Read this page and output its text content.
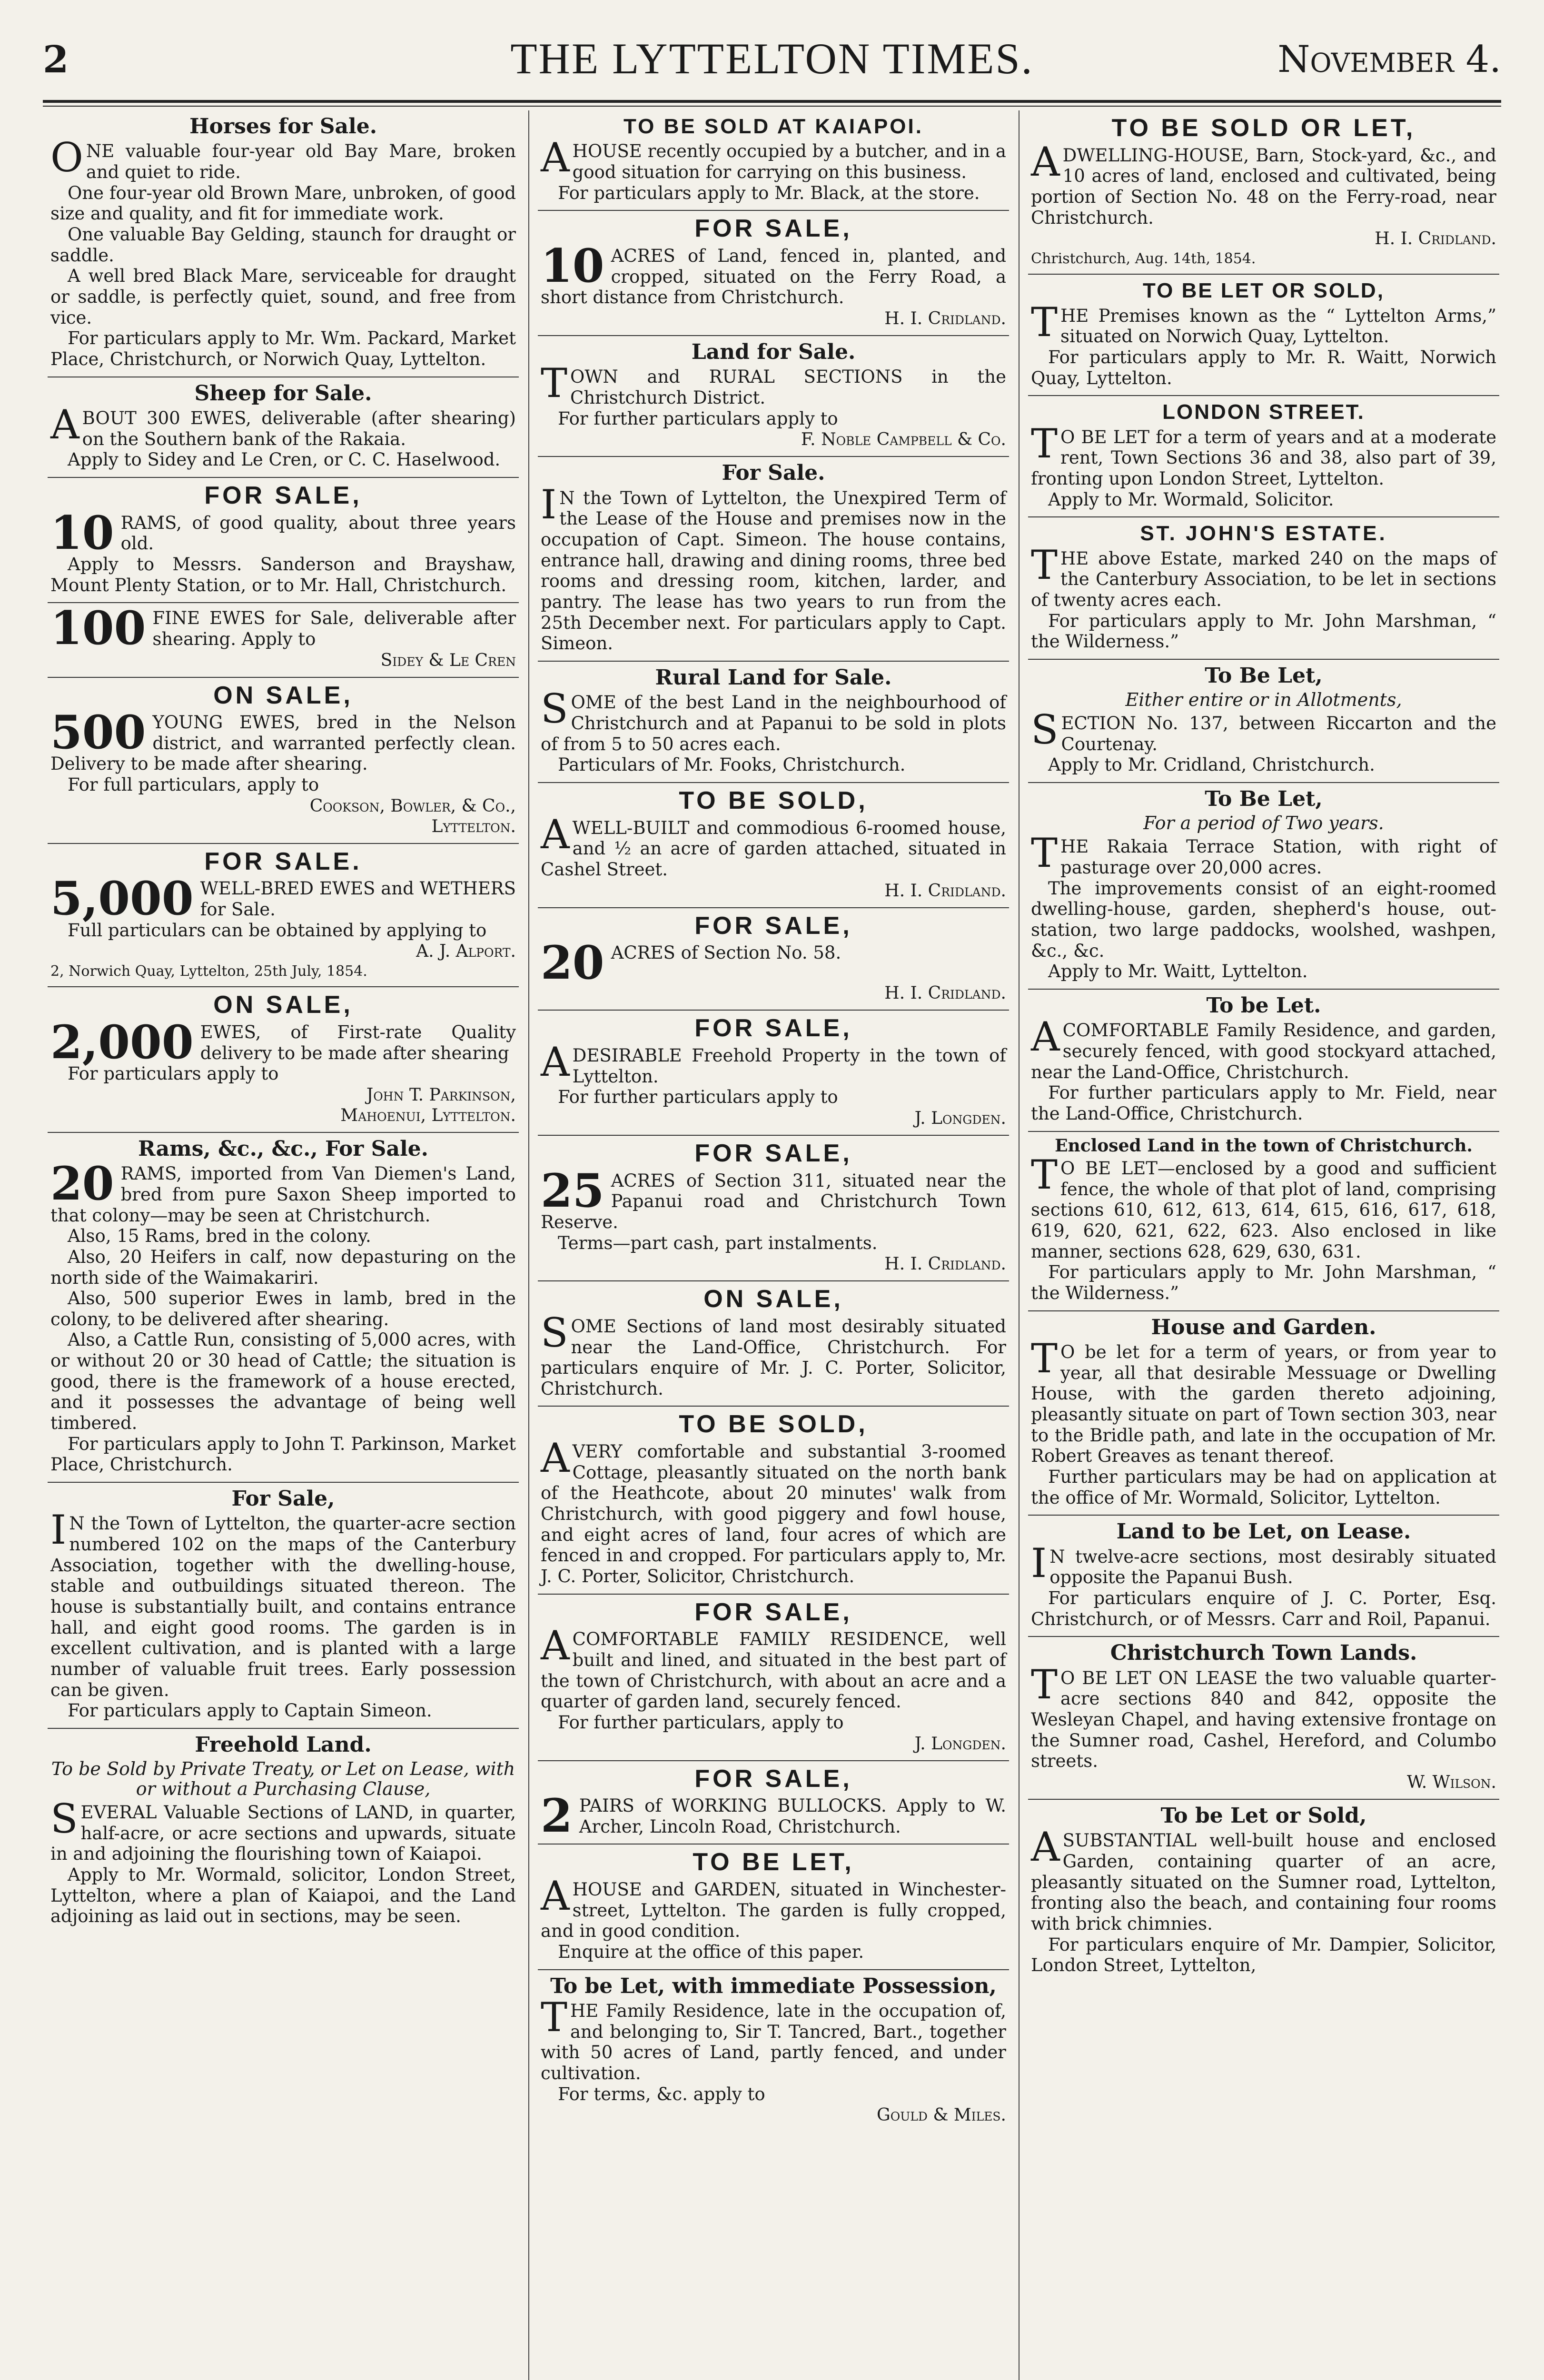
2	THE LYTTELTON TIMES.	November 4.
Horses for Sale.

ONE valuable four-year old Bay Mare, broken and quiet to ride.

One four-year old Brown Mare, unbroken, of good size and quality, and fit for immediate work.

One valuable Bay Gelding, staunch for draught or saddle.

A well bred Black Mare, serviceable for draught or saddle, is perfectly quiet, sound, and free from vice.

For particulars apply to Mr. Wm. Packard, Market Place, Christchurch, or Norwich Quay, Lyttelton.

Sheep for Sale.

ABOUT 300 EWES, deliverable (after shearing) on the Southern bank of the Rakaia.

Apply to Sidey and Le Cren, or C. C. Haselwood.

FOR SALE,

10 RAMS, of good quality, about three years old.

Apply to Messrs. Sanderson and Brayshaw, Mount Plenty Station, or to Mr. Hall, Christchurch.

100 FINE EWES for Sale, deliverable after shearing. Apply to

Sidey & Le Cren
ON SALE,

500 YOUNG EWES, bred in the Nelson district, and warranted perfectly clean. Delivery to be made after shearing.

For full particulars, apply to

Cookson, Bowler, & Co.,
Lyttelton.
FOR SALE.

5,000 WELL-BRED EWES and WETHERS for Sale.

Full particulars can be obtained by applying to

A. J. Alport.
2, Norwich Quay, Lyttelton, 25th July, 1854.
ON SALE,

2,000 EWES, of First-rate Quality delivery to be made after shearing

For particulars apply to

John T. Parkinson,
Mahoenui, Lyttelton.
Rams, &c., &c., For Sale.

20 RAMS, imported from Van Diemen's Land, bred from pure Saxon Sheep imported to that colony—may be seen at Christchurch.

Also, 15 Rams, bred in the colony.

Also, 20 Heifers in calf, now depasturing on the north side of the Waimakariri.

Also, 500 superior Ewes in lamb, bred in the colony, to be delivered after shearing.

Also, a Cattle Run, consisting of 5,000 acres, with or without 20 or 30 head of Cattle; the situation is good, there is the framework of a house erected, and it possesses the advantage of being well timbered.

For particulars apply to John T. Parkinson, Market Place, Christchurch.

For Sale,

I N the Town of Lyttelton, the quarter-acre section numbered 102 on the maps of the Canterbury Association, together with the dwelling-house, stable and outbuildings situated thereon. The house is substantially built, and contains entrance hall, and eight good rooms. The garden is in excellent cultivation, and is planted with a large number of valuable fruit trees. Early possession can be given.

For particulars apply to Captain Simeon.

Freehold Land.
To be Sold by Private Treaty, or Let on Lease, with or without a Purchasing Clause,

SEVERAL Valuable Sections of LAND, in quarter, half-acre, or acre sections and upwards, situate in and adjoining the flourishing town of Kaiapoi.

Apply to Mr. Wormald, solicitor, London Street, Lyttelton, where a plan of Kaiapoi, and the Land adjoining as laid out in sections, may be seen.

TO BE SOLD AT KAIAPOI.

AHOUSE recently occupied by a butcher, and in a good situation for carrying on this business.

For particulars apply to Mr. Black, at the store.

FOR SALE,

10 ACRES of Land, fenced in, planted, and cropped, situated on the Ferry Road, a short distance from Christchurch.

H. I. Cridland.
Land for Sale.

TOWN and RURAL SECTIONS in the Christchurch District.

For further particulars apply to

F. Noble Campbell & Co.
For Sale.

I N the Town of Lyttelton, the Unexpired Term of the Lease of the House and premises now in the occupation of Capt. Simeon. The house contains, entrance hall, drawing and dining rooms, three bed rooms and dressing room, kitchen, larder, and pantry. The lease has two years to run from the 25th December next. For particulars apply to Capt. Simeon.

Rural Land for Sale.

SOME of the best Land in the neighbourhood of Christchurch and at Papanui to be sold in plots of from 5 to 50 acres each.

Particulars of Mr. Fooks, Christchurch.

TO BE SOLD,

AWELL-BUILT and commodious 6-roomed house, and ½ an acre of garden attached, situated in Cashel Street.

H. I. Cridland.
FOR SALE,

20 ACRES of Section No. 58.

H. I. Cridland.
FOR SALE,

ADESIRABLE Freehold Property in the town of Lyttelton.

For further particulars apply to

J. Longden.
FOR SALE,

25 ACRES of Section 311, situated near the Papanui road and Christchurch Town Reserve.

Terms—part cash, part instalments.

H. I. Cridland.
ON SALE,

SOME Sections of land most desirably situated near the Land-Office, Christchurch. For particulars enquire of Mr. J. C. Porter, Solicitor, Christchurch.

TO BE SOLD,

AVERY comfortable and substantial 3-roomed Cottage, pleasantly situated on the north bank of the Heathcote, about 20 minutes' walk from Christchurch, with good piggery and fowl house, and eight acres of land, four acres of which are fenced in and cropped. For particulars apply to, Mr. J. C. Porter, Solicitor, Christchurch.

FOR SALE,

ACOMFORTABLE FAMILY RESIDENCE, well built and lined, and situated in the best part of the town of Christchurch, with about an acre and a quarter of garden land, securely fenced.

For further particulars, apply to

J. Longden.
FOR SALE,

2 PAIRS of WORKING BULLOCKS. Apply to W. Archer, Lincoln Road, Christchurch.

TO BE LET,

AHOUSE and GARDEN, situated in Winchester-street, Lyttelton. The garden is fully cropped, and in good condition.

Enquire at the office of this paper.

To be Let, with immediate Possession,

THE Family Residence, late in the occupation of, and belonging to, Sir T. Tancred, Bart., together with 50 acres of Land, partly fenced, and under cultivation.

For terms, &c. apply to

Gould & Miles.
TO BE SOLD OR LET,

ADWELLING-HOUSE, Barn, Stock-yard, &c., and 10 acres of land, enclosed and cultivated, being portion of Section No. 48 on the Ferry-road, near Christchurch.

H. I. Cridland.
Christchurch, Aug. 14th, 1854.
TO BE LET OR SOLD,

THE Premises known as the “ Lyttelton Arms,” situated on Norwich Quay, Lyttelton.

For particulars apply to Mr. R. Waitt, Norwich Quay, Lyttelton.

LONDON STREET.

T O BE LET for a term of years and at a moderate rent, Town Sections 36 and 38, also part of 39, fronting upon London Street, Lyttelton.

Apply to Mr. Wormald, Solicitor.

ST. JOHN'S ESTATE.

THE above Estate, marked 240 on the maps of the Canterbury Association, to be let in sections of twenty acres each.

For particulars apply to Mr. John Marshman, “ the Wilderness.”

To Be Let,
Either entire or in Allotments,

SECTION No. 137, between Riccarton and the Courtenay.

Apply to Mr. Cridland, Christchurch.

To Be Let,
For a period of Two years.

THE Rakaia Terrace Station, with right of pasturage over 20,000 acres.

The improvements consist of an eight-roomed dwelling-house, garden, shepherd's house, out-station, two large paddocks, woolshed, washpen, &c., &c.

Apply to Mr. Waitt, Lyttelton.

To be Let.

ACOMFORTABLE Family Residence, and garden, securely fenced, with good stockyard attached, near the Land-Office, Christchurch.

For further particulars apply to Mr. Field, near the Land-Office, Christchurch.

Enclosed Land in the town of Christchurch.

T O BE LET—enclosed by a good and sufficient fence, the whole of that plot of land, comprising sections 610, 612, 613, 614, 615, 616, 617, 618, 619, 620, 621, 622, 623. Also enclosed in like manner, sections 628, 629, 630, 631.

For particulars apply to Mr. John Marshman, “ the Wilderness.”

House and Garden.

T O be let for a term of years, or from year to year, all that desirable Messuage or Dwelling House, with the garden thereto adjoining, pleasantly situate on part of Town section 303, near to the Bridle path, and late in the occupation of Mr. Robert Greaves as tenant thereof.

Further particulars may be had on application at the office of Mr. Wormald, Solicitor, Lyttelton.

Land to be Let, on Lease.

I N twelve-acre sections, most desirably situated opposite the Papanui Bush.

For particulars enquire of J. C. Porter, Esq. Christchurch, or of Messrs. Carr and Roil, Papanui.

Christchurch Town Lands.

T O BE LET ON LEASE the two valuable quarter-acre sections 840 and 842, opposite the Wesleyan Chapel, and having extensive frontage on the Sumner road, Cashel, Hereford, and Columbo streets.

W. Wilson.
To be Let or Sold,

ASUBSTANTIAL well-built house and enclosed Garden, containing quarter of an acre, pleasantly situated on the Sumner road, Lyttelton, fronting also the beach, and containing four rooms with brick chimnies.

For particulars enquire of Mr. Dampier, Solicitor, London Street, Lyttelton,
